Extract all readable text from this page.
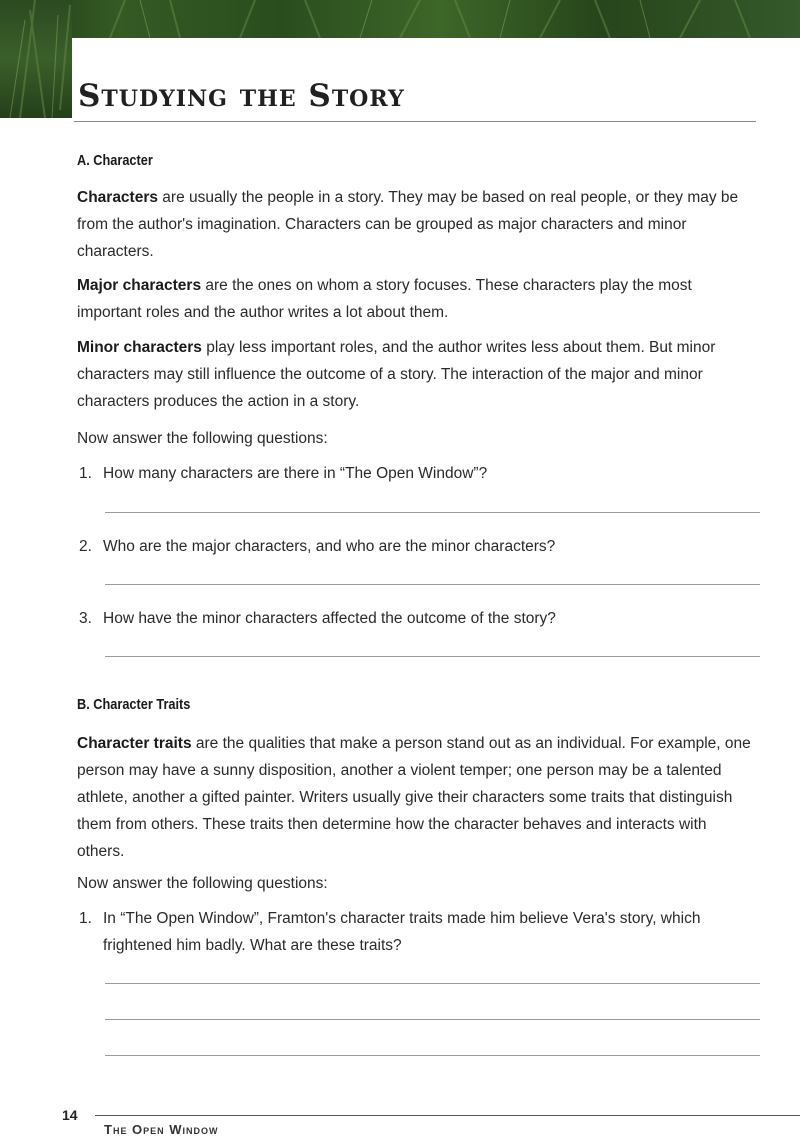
Studying the Story
A. Character

Characters are usually the people in a story. They may be based on real people, or they may be from the author's imagination. Characters can be grouped as major characters and minor characters.

Major characters are the ones on whom a story focuses. These characters play the most important roles and the author writes a lot about them.

Minor characters play less important roles, and the author writes less about them. But minor characters may still influence the outcome of a story. The interaction of the major and minor characters produces the action in a story.

Now answer the following questions:

1. How many characters are there in “The Open Window”?
2. Who are the major characters, and who are the minor characters?
3. How have the minor characters affected the outcome of the story?
B. Character Traits

Character traits are the qualities that make a person stand out as an individual. For example, one person may have a sunny disposition, another a violent temper; one person may be a talented athlete, another a gifted painter. Writers usually give their characters some traits that distinguish them from others. These traits then determine how the character behaves and interacts with others.

Now answer the following questions:

1. In “The Open Window”, Framton's character traits made him believe Vera's story, which frightened him badly. What are these traits?
14
The Open Window
